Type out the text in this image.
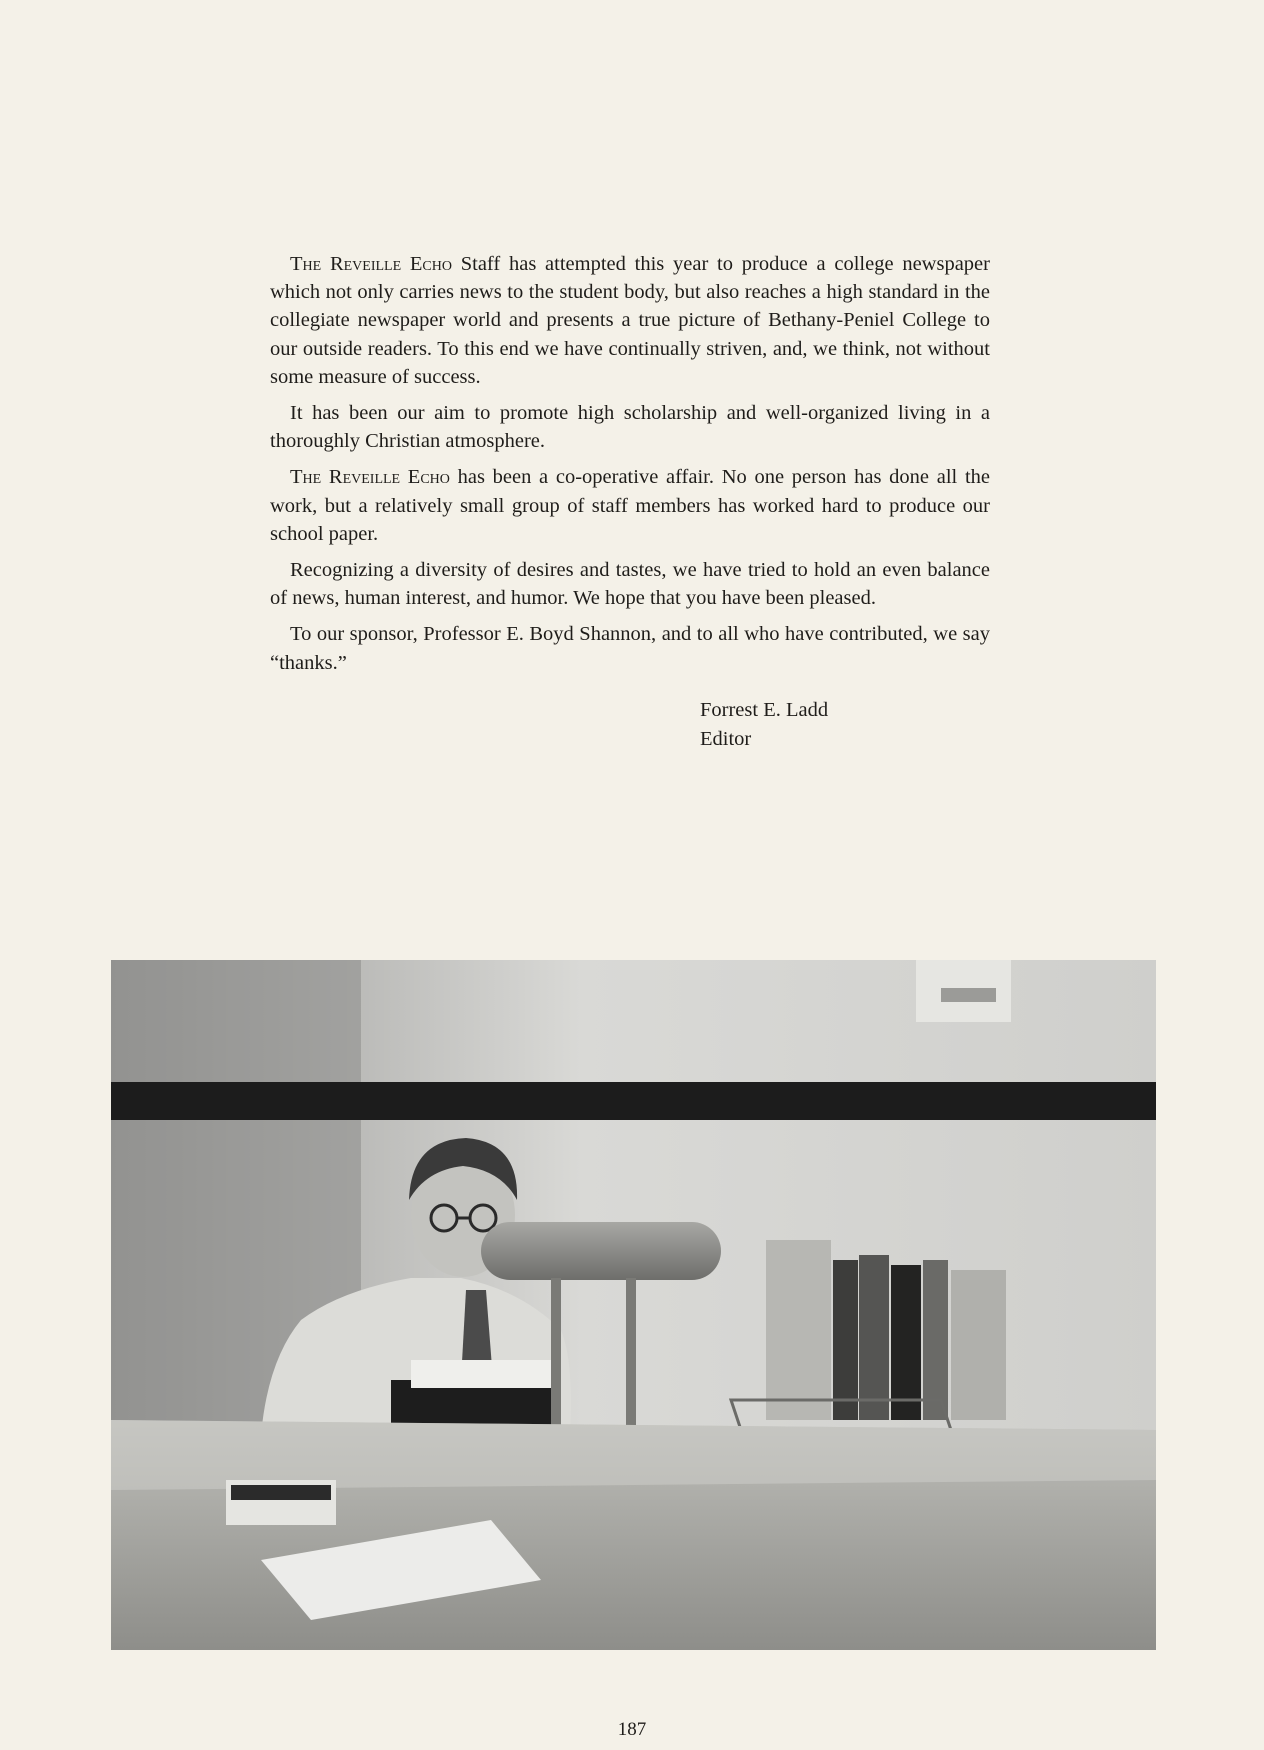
The Reveille Echo Staff has attempted this year to produce a college newspaper which not only carries news to the student body, but also reaches a high standard in the collegiate newspaper world and presents a true picture of Bethany-Peniel College to our outside readers. To this end we have continually striven, and, we think, not without some measure of success.

It has been our aim to promote high scholarship and well-organized living in a thoroughly Christian atmosphere.

The Reveille Echo has been a co-operative affair. No one person has done all the work, but a relatively small group of staff members has worked hard to produce our school paper.

Recognizing a diversity of desires and tastes, we have tried to hold an even balance of news, human interest, and humor. We hope that you have been pleased.

To our sponsor, Professor E. Boyd Shannon, and to all who have contributed, we say “thanks.”

Forrest E. Ladd
Editor
187
